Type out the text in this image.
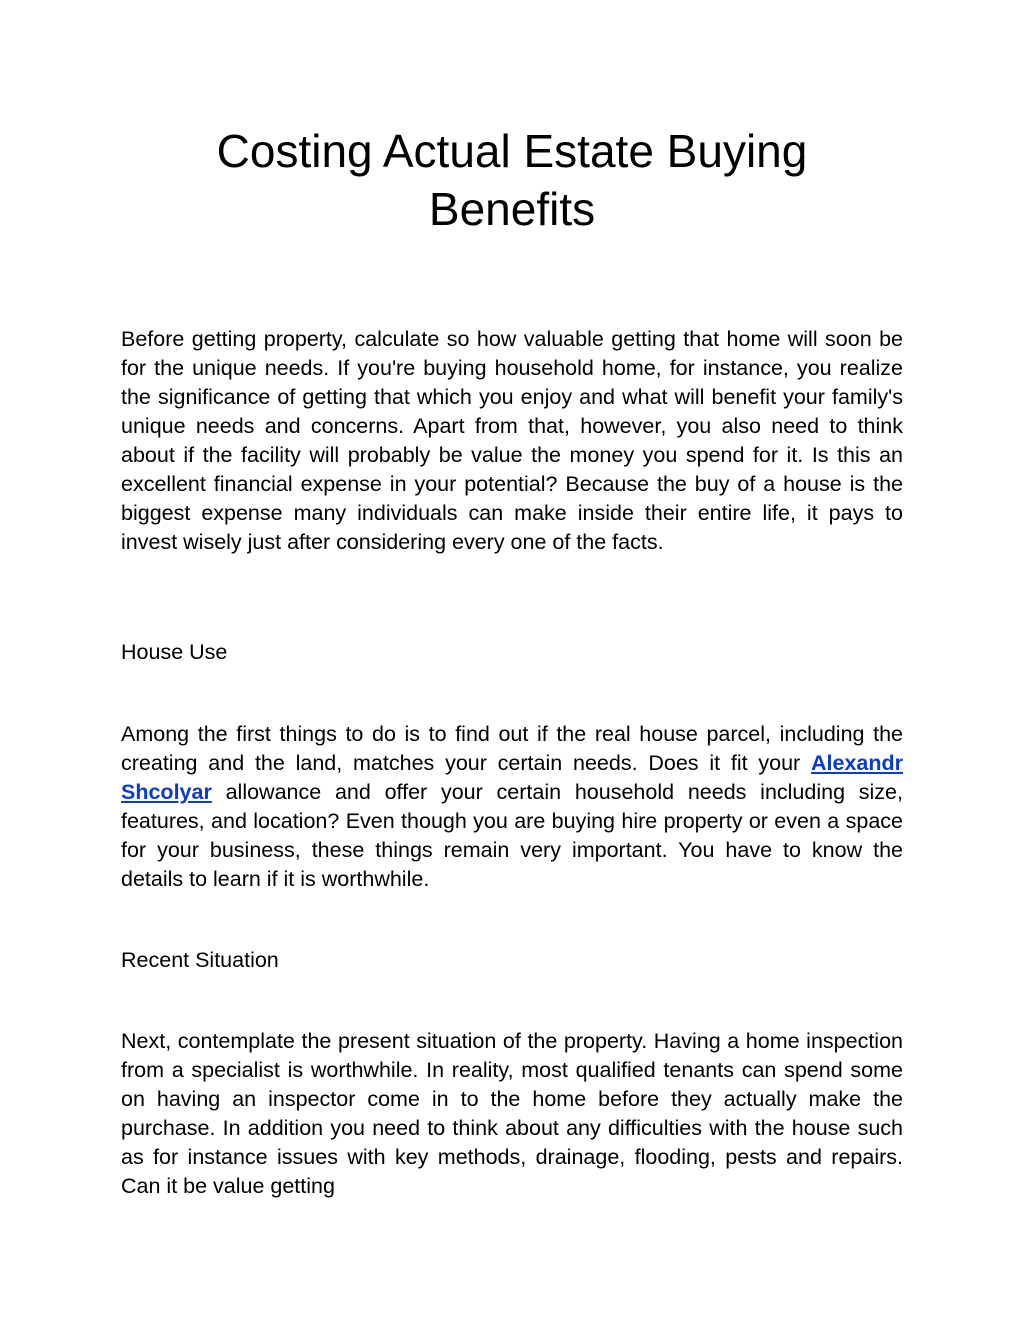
Costing Actual Estate Buying Benefits

Before getting property, calculate so how valuable getting that home will soon be for the unique needs. If you're buying household home, for instance, you realize the significance of getting that which you enjoy and what will benefit your family's unique needs and concerns. Apart from that, however, you also need to think about if the facility will probably be value the money you spend for it. Is this an excellent financial expense in your potential? Because the buy of a house is the biggest expense many individuals can make inside their entire life, it pays to invest wisely just after considering every one of the facts.

House Use

Among the first things to do is to find out if the real house parcel, including the creating and the land, matches your certain needs. Does it fit your Alexandr Shcolyar allowance and offer your certain household needs including size, features, and location? Even though you are buying hire property or even a space for your business, these things remain very important. You have to know the details to learn if it is worthwhile.

Recent Situation

Next, contemplate the present situation of the property. Having a home inspection from a specialist is worthwhile. In reality, most qualified tenants can spend some on having an inspector come in to the home before they actually make the purchase. In addition you need to think about any difficulties with the house such as for instance issues with key methods, drainage, flooding, pests and repairs. Can it be value getting
